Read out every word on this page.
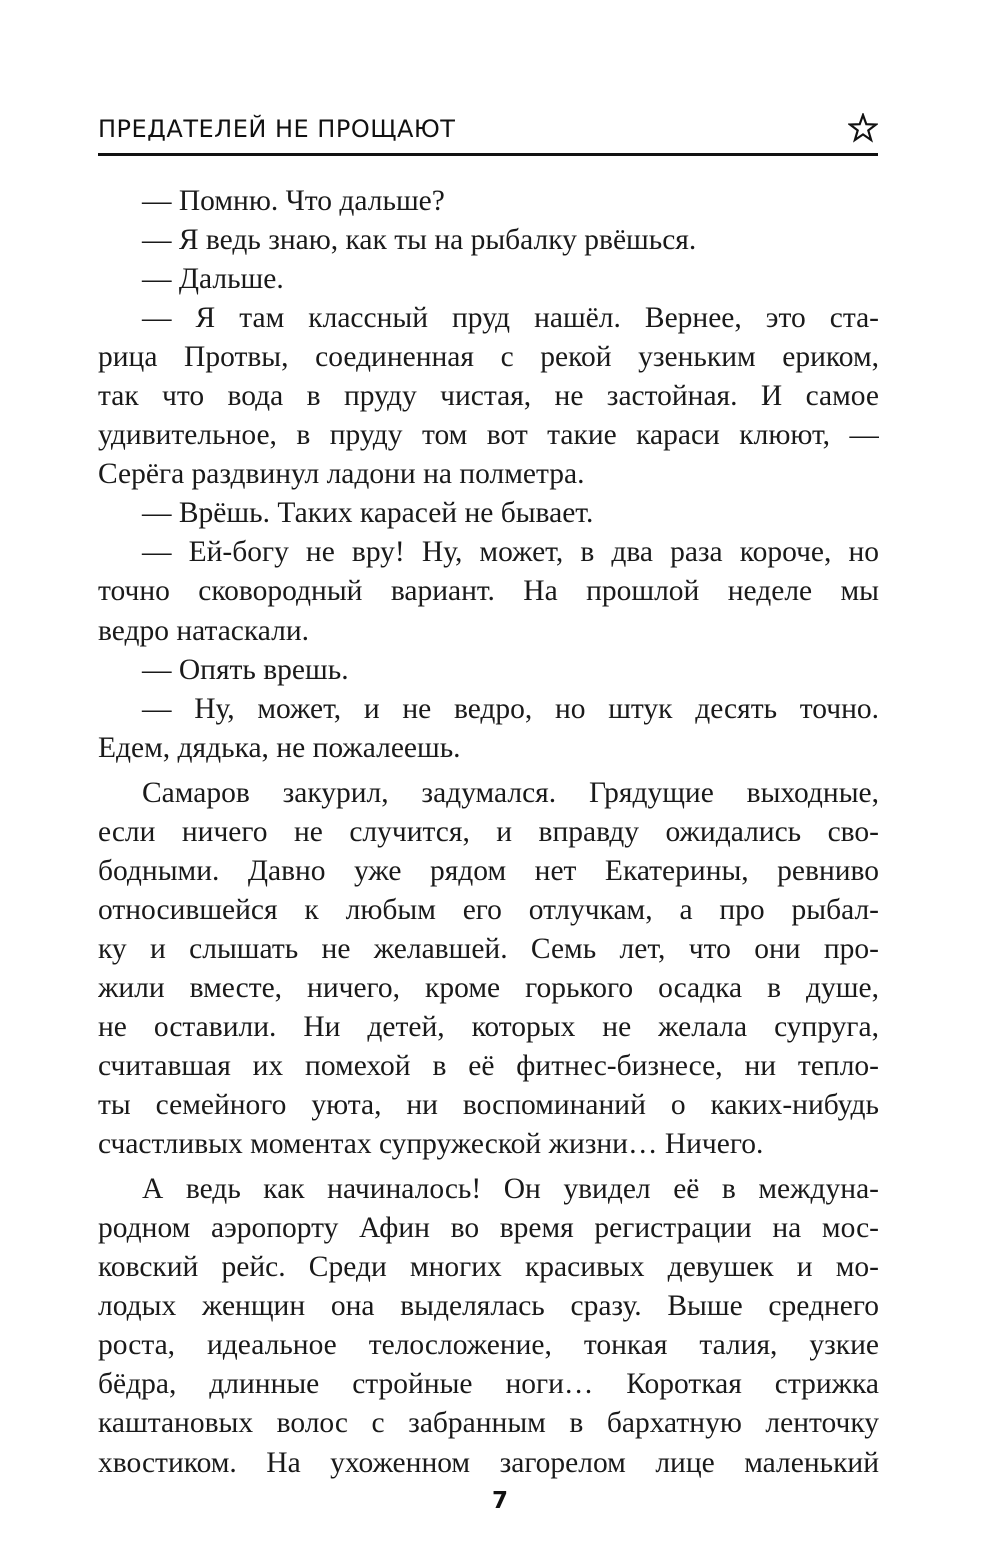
ПРЕДАТЕЛЕЙ НЕ ПРОЩАЮТ
— Помню. Что дальше?
— Я ведь знаю, как ты на рыбалку рвёшься.
— Дальше.
— Я там классный пруд нашёл. Вернее, это ста-
рица Протвы, соединенная с рекой узеньким ериком,
так что вода в пруду чистая, не застойная. И самое
удивительное, в пруду том вот такие караси клюют, —
Серёга раздвинул ладони на полметра.
— Врёшь. Таких карасей не бывает.
— Ей-богу не вру! Ну, может, в два раза короче, но
точно сковородный вариант. На прошлой неделе мы
ведро натаскали.
— Опять врешь.
— Ну, может, и не ведро, но штук десять точно.
Едем, дядька, не пожалеешь.
Самаров закурил, задумался. Грядущие выходные,
если ничего не случится, и вправду ожидались сво-
бодными. Давно уже рядом нет Екатерины, ревниво
относившейся к любым его отлучкам, а про рыбал-
ку и слышать не желавшей. Семь лет, что они про-
жили вместе, ничего, кроме горького осадка в душе,
не оставили. Ни детей, которых не желала супруга,
считавшая их помехой в её фитнес-бизнесе, ни тепло-
ты семейного уюта, ни воспоминаний о каких-нибудь
счастливых моментах супружеской жизни… Ничего.
А ведь как начиналось! Он увидел её в междуна-
родном аэропорту Афин во время регистрации на мос-
ковский рейс. Среди многих красивых девушек и мо-
лодых женщин она выделялась сразу. Выше среднего
роста, идеальное телосложение, тонкая талия, узкие
бёдра, длинные стройные ноги… Короткая стрижка
каштановых волос с забранным в бархатную ленточку
хвостиком. На ухоженном загорелом лице маленький
7
